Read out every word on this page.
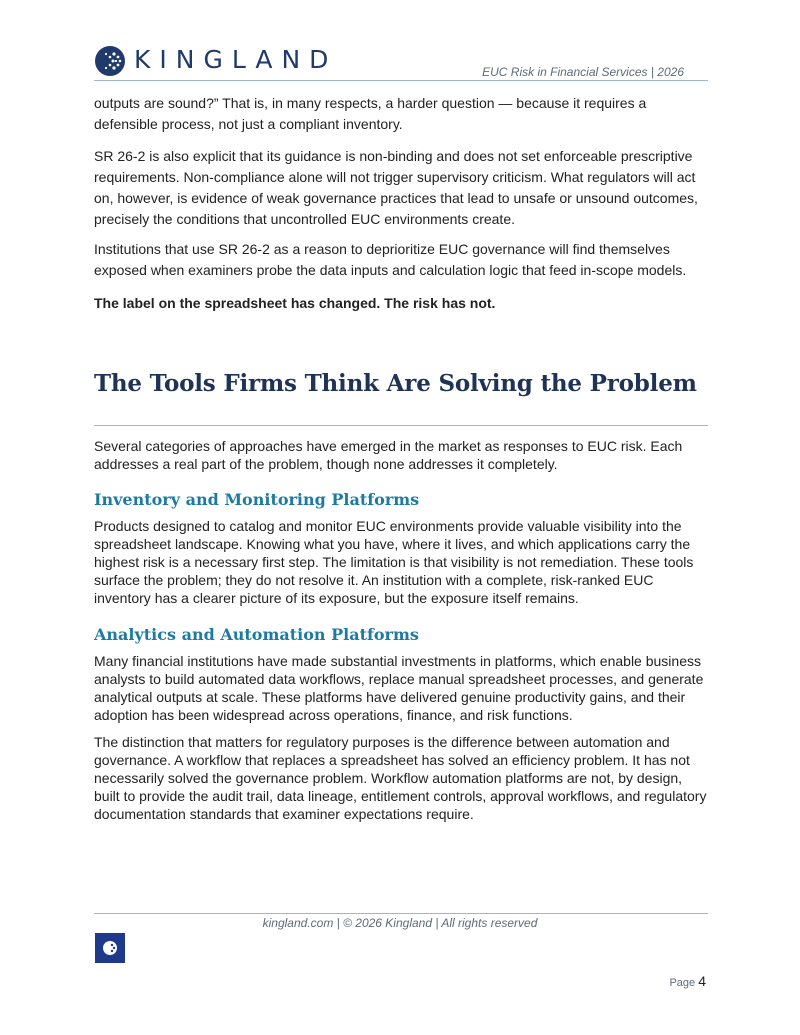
KINGLAND	EUC Risk in Financial Services | 2026

outputs are sound?” That is, in many respects, a harder question — because it requires a defensible process, not just a compliant inventory.

SR 26-2 is also explicit that its guidance is non-binding and does not set enforceable prescriptive requirements. Non-compliance alone will not trigger supervisory criticism. What regulators will act on, however, is evidence of weak governance practices that lead to unsafe or unsound outcomes, precisely the conditions that uncontrolled EUC environments create.

Institutions that use SR 26-2 as a reason to deprioritize EUC governance will find themselves exposed when examiners probe the data inputs and calculation logic that feed in-scope models.

The label on the spreadsheet has changed. The risk has not.

The Tools Firms Think Are Solving the Problem

Several categories of approaches have emerged in the market as responses to EUC risk. Each addresses a real part of the problem, though none addresses it completely.

Inventory and Monitoring Platforms

Products designed to catalog and monitor EUC environments provide valuable visibility into the spreadsheet landscape. Knowing what you have, where it lives, and which applications carry the highest risk is a necessary first step. The limitation is that visibility is not remediation. These tools surface the problem; they do not resolve it. An institution with a complete, risk-ranked EUC inventory has a clearer picture of its exposure, but the exposure itself remains.

Analytics and Automation Platforms

Many financial institutions have made substantial investments in platforms, which enable business analysts to build automated data workflows, replace manual spreadsheet processes, and generate analytical outputs at scale. These platforms have delivered genuine productivity gains, and their adoption has been widespread across operations, finance, and risk functions.

The distinction that matters for regulatory purposes is the difference between automation and governance. A workflow that replaces a spreadsheet has solved an efficiency problem. It has not necessarily solved the governance problem. Workflow automation platforms are not, by design, built to provide the audit trail, data lineage, entitlement controls, approval workflows, and regulatory documentation standards that examiner expectations require.

kingland.com | © 2026 Kingland | All rights reserved
Page 4
